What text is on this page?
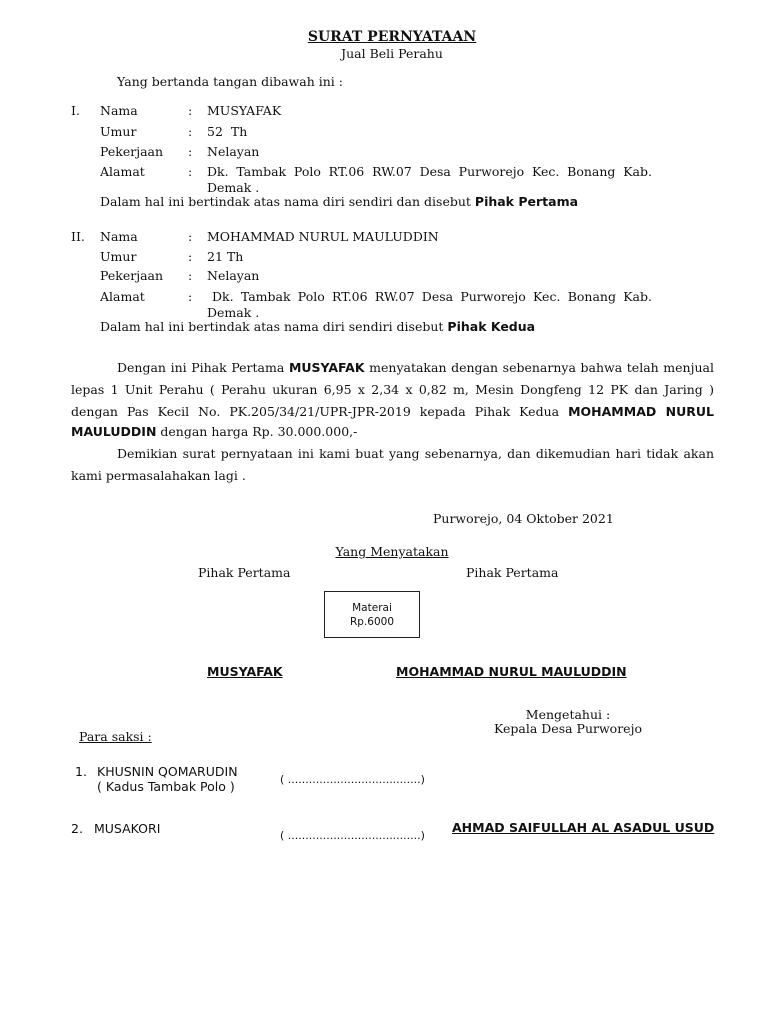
SURAT PERNYATAAN
Jual Beli Perahu
Yang bertanda tangan dibawah ini :
I. Nama	: MUSYAFAK
Umur	: 52  Th
Pekerjaan : Nelayan
Alamat	: Dk. Tambak Polo RT.06 RW.07 Desa Purworejo Kec. Bonang Kab.
Demak .
Dalam hal ini bertindak atas nama diri sendiri dan disebut Pihak Pertama
II. Nama	: MOHAMMAD NURUL MAULUDDIN
Umur	: 21 Th
Pekerjaan : Nelayan
Alamat	: Dk. Tambak Polo RT.06 RW.07 Desa Purworejo Kec. Bonang Kab.
Demak .
Dalam hal ini bertindak atas nama diri sendiri disebut Pihak Kedua
Dengan ini Pihak Pertama MUSYAFAK menyatakan dengan sebenarnya bahwa telah menjual
lepas 1 Unit Perahu ( Perahu ukuran 6,95 x 2,34 x 0,82 m, Mesin Dongfeng 12 PK dan Jaring )
dengan Pas Kecil No. PK.205/34/21/UPR-JPR-2019 kepada Pihak Kedua MOHAMMAD NURUL
MAULUDDIN dengan harga Rp. 30.000.000,-
Demikian surat pernyataan ini kami buat yang sebenarnya, dan dikemudian hari tidak akan
kami permasalahakan lagi .
Purworejo, 04 Oktober 2021
Yang Menyatakan
Pihak Pertama	Pihak Pertama
Materai
Rp.6000
MUSYAFAK	MOHAMMAD NURUL MAULUDDIN
Mengetahui :
Kepala Desa Purworejo
AHMAD SAIFULLAH AL ASADUL USUD
Para saksi :
1. KHUSNIN QOMARUDIN
( Kadus Tambak Polo )	( ......................................)
2. MUSAKORI	( ......................................)
